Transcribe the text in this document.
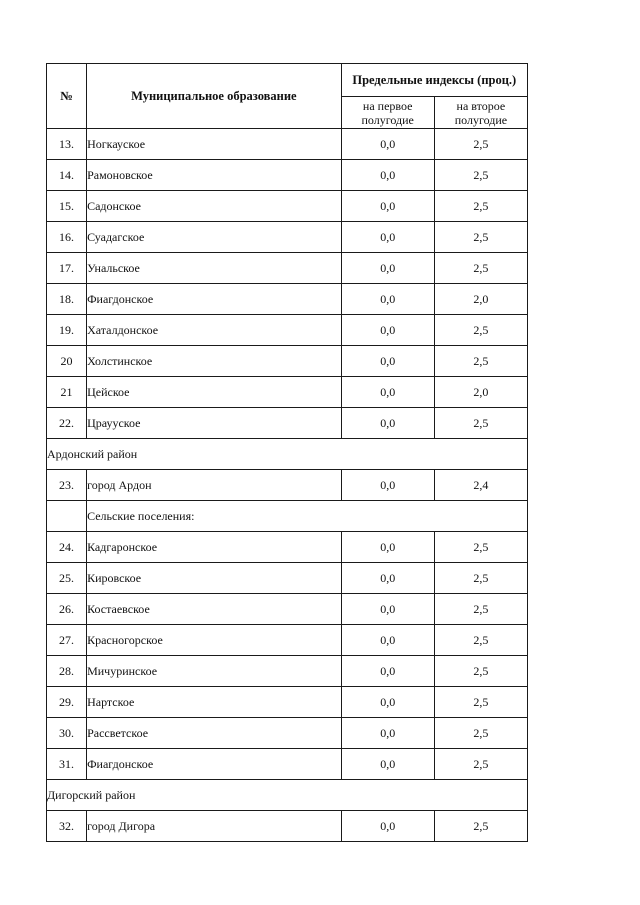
№	Муниципальное образование	Предельные индексы (проц.)	
		на первое полугодие	на второе полугодие
13.	Ногкауское	0,0	2,5
14.	Рамоновское	0,0	2,5
15.	Садонское	0,0	2,5
16.	Суадагское	0,0	2,5
17.	Унальское	0,0	2,5
18.	Фиагдонское	0,0	2,0
19.	Хаталдонское	0,0	2,5
20	Холстинское	0,0	2,5
21	Цейское	0,0	2,0
22.	Цраууское	0,0	2,5
Ардонский район			
23.	город Ардон	0,0	2,4
	Сельские поселения:		
24.	Кадгаронское	0,0	2,5
25.	Кировское	0,0	2,5
26.	Костаевское	0,0	2,5
27.	Красногорское	0,0	2,5
28.	Мичуринское	0,0	2,5
29.	Нартское	0,0	2,5
30.	Рассветское	0,0	2,5
31.	Фиагдонское	0,0	2,5
Дигорский район			
32.	город Дигора	0,0	2,5
